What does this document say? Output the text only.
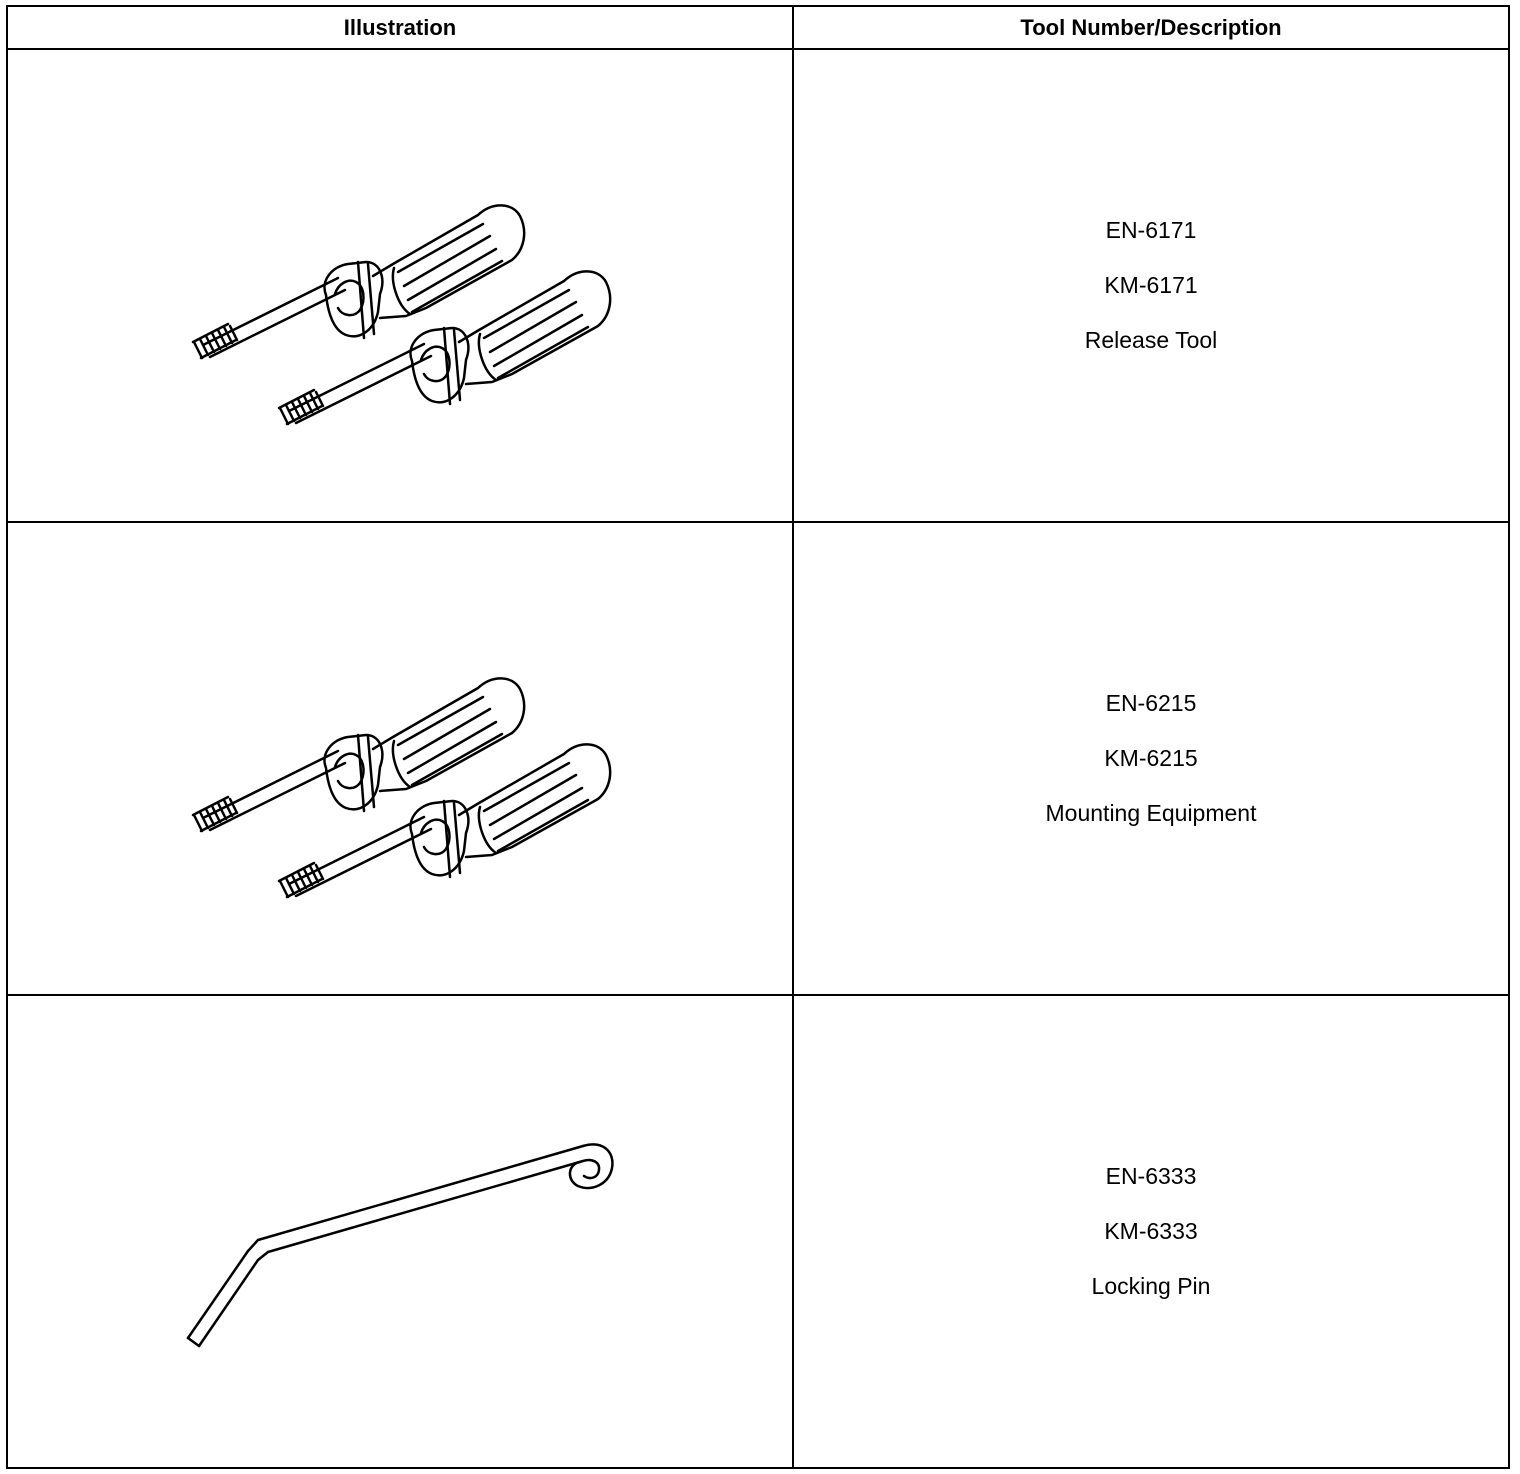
Illustration	Tool Number/Description

EN-6171
KM-6171
Release Tool

EN-6215
KM-6215
Mounting Equipment

EN-6333
KM-6333
Locking Pin
